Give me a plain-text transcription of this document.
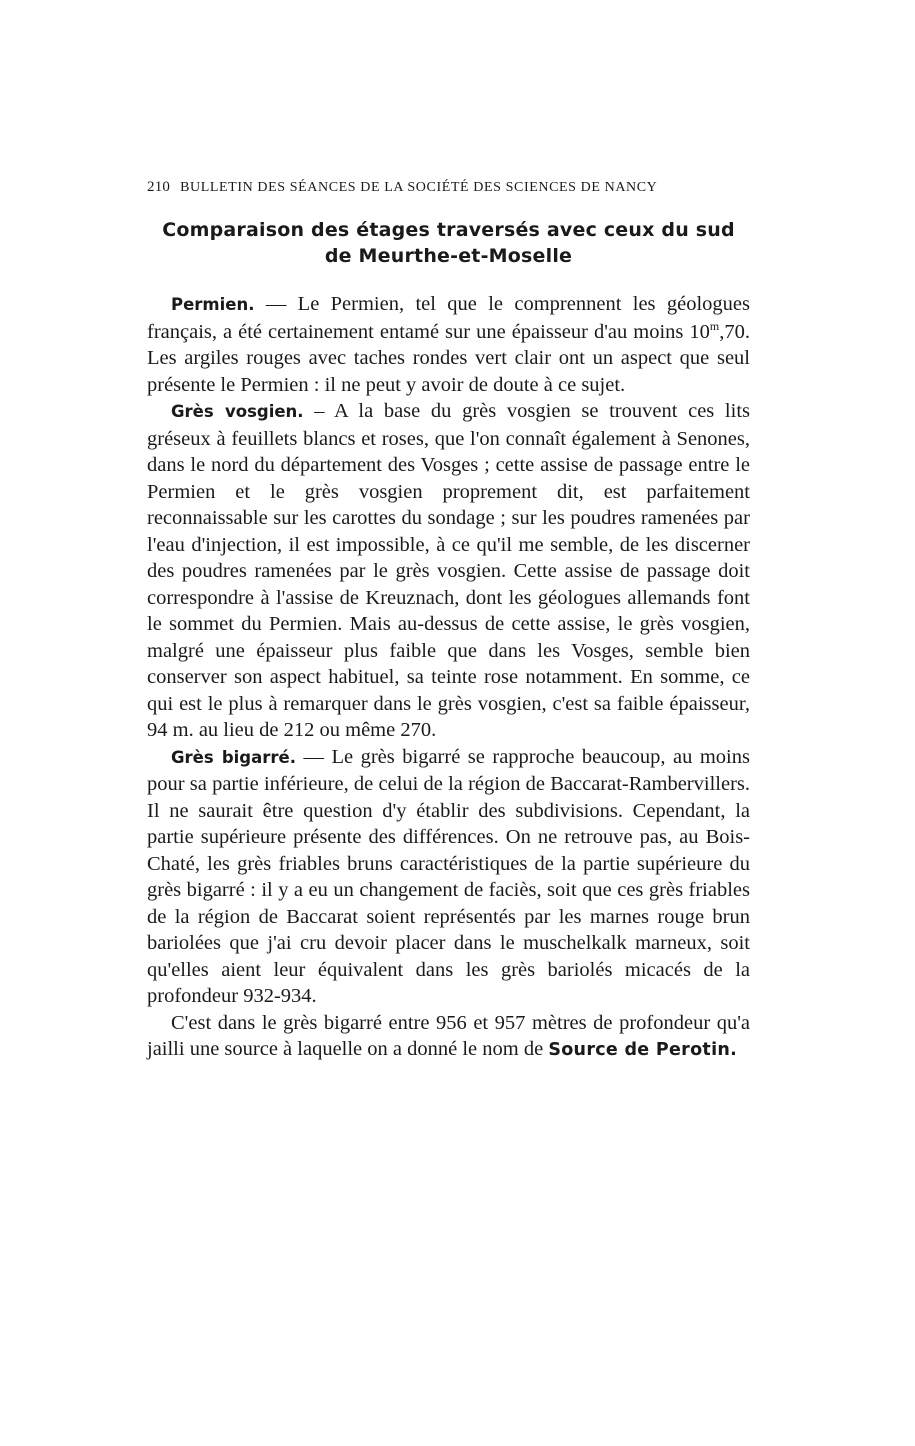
210 BULLETIN DES SÉANCES DE LA SOCIÉTÉ DES SCIENCES DE NANCY
Comparaison des étages traversés avec ceux du sud
de Meurthe-et-Moselle

Permien. — Le Permien, tel que le comprennent les géologues français, a été certainement entamé sur une épaisseur d'au moins 10$^m$,70. Les argiles rouges avec taches rondes vert clair ont un aspect que seul présente le Permien : il ne peut y avoir de doute à ce sujet.

Grès vosgien. – A la base du grès vosgien se trouvent ces lits gréseux à feuillets blancs et roses, que l'on connaît également à Senones, dans le nord du département des Vosges ; cette assise de passage entre le Permien et le grès vosgien proprement dit, est parfaitement reconnaissable sur les carottes du sondage ; sur les poudres ramenées par l'eau d'injection, il est impossible, à ce qu'il me semble, de les discerner des poudres ramenées par le grès vosgien. Cette assise de passage doit correspondre à l'assise de Kreuznach, dont les géologues allemands font le sommet du Permien. Mais au-dessus de cette assise, le grès vosgien, malgré une épaisseur plus faible que dans les Vosges, semble bien conserver son aspect habituel, sa teinte rose notamment. En somme, ce qui est le plus à remarquer dans le grès vosgien, c'est sa faible épaisseur, 94 m. au lieu de 212 ou même 270.

Grès bigarré. — Le grès bigarré se rapproche beaucoup, au moins pour sa partie inférieure, de celui de la région de Baccarat-Rambervillers. Il ne saurait être question d'y établir des subdivisions. Cependant, la partie supérieure présente des différences. On ne retrouve pas, au Bois-Chaté, les grès friables bruns caractéristiques de la partie supérieure du grès bigarré : il y a eu un changement de faciès, soit que ces grès friables de la région de Baccarat soient représentés par les marnes rouge brun bariolées que j'ai cru devoir placer dans le muschelkalk marneux, soit qu'elles aient leur équivalent dans les grès bariolés micacés de la profondeur 932-934.

C'est dans le grès bigarré entre 956 et 957 mètres de profondeur qu'a jailli une source à laquelle on a donné le nom de Source de Perotin.
